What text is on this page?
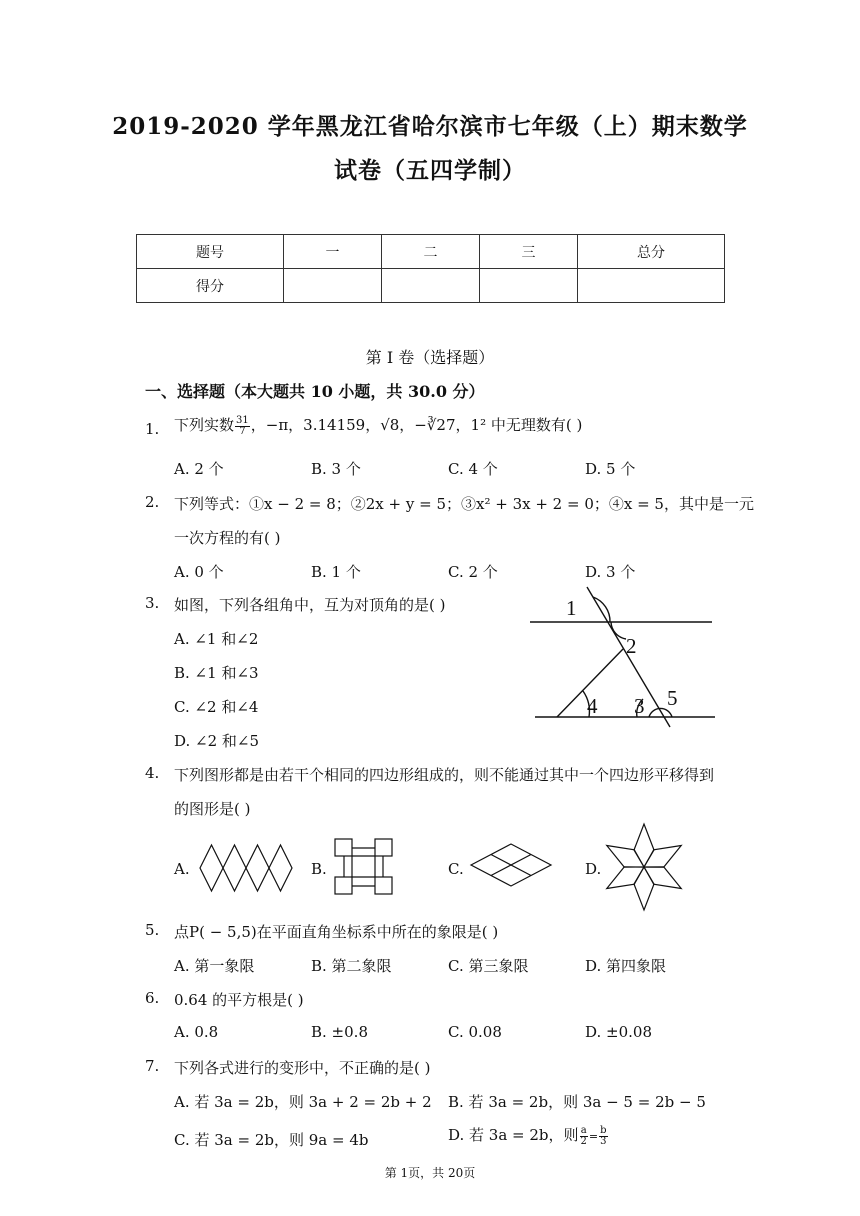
2019-2020 学年黑龙江省哈尔滨市七年级（上）期末数学
试卷（五四学制）
题号	一	二	三	总分
得分				
第 I 卷（选择题）
一、选择题（本大题共 10 小题，共 30.0 分）
1. 下列实数 $\frac{31}{7}$ ，−π，3.14159，√8，−∛27，1² 中无理数有( )
A. 2 个	B. 3 个	C. 4 个	D. 5 个
2. 下列等式：①x − 2 = 8；②2x + y = 5；③x² + 3x + 2 = 0；④x = 5，其中是一元
一次方程的有( )
A. 0 个	B. 1 个	C. 2 个	D. 3 个
3. 如图，下列各组角中，互为对顶角的是( )
A. ∠1 和∠2
B. ∠1 和∠3
C. ∠2 和∠4
D. ∠2 和∠5
1
2
3
4	5
4. 下列图形都是由若干个相同的四边形组成的，则不能通过其中一个四边形平移得到
的图形是( )
A.	B.	C.	D.
5. 点P( − 5,5)在平面直角坐标系中所在的象限是( )
A. 第一象限	B. 第二象限	C. 第三象限	D. 第四象限
6. 0.64 的平方根是( )
A. 0.8	B. ±0.8	C. 0.08	D. ±0.08
7. 下列各式进行的变形中，不正确的是( )
A. 若 3a = 2b，则 3a + 2 = 2b + 2 B. 若 3a = 2b，则 3a − 5 = 2b − 5
C. 若 3a = 2b，则 9a = 4b	D. 若 3a = 2b，则 $\frac{a}{2} = \frac{b}{3}$
第 1页，共 20页
